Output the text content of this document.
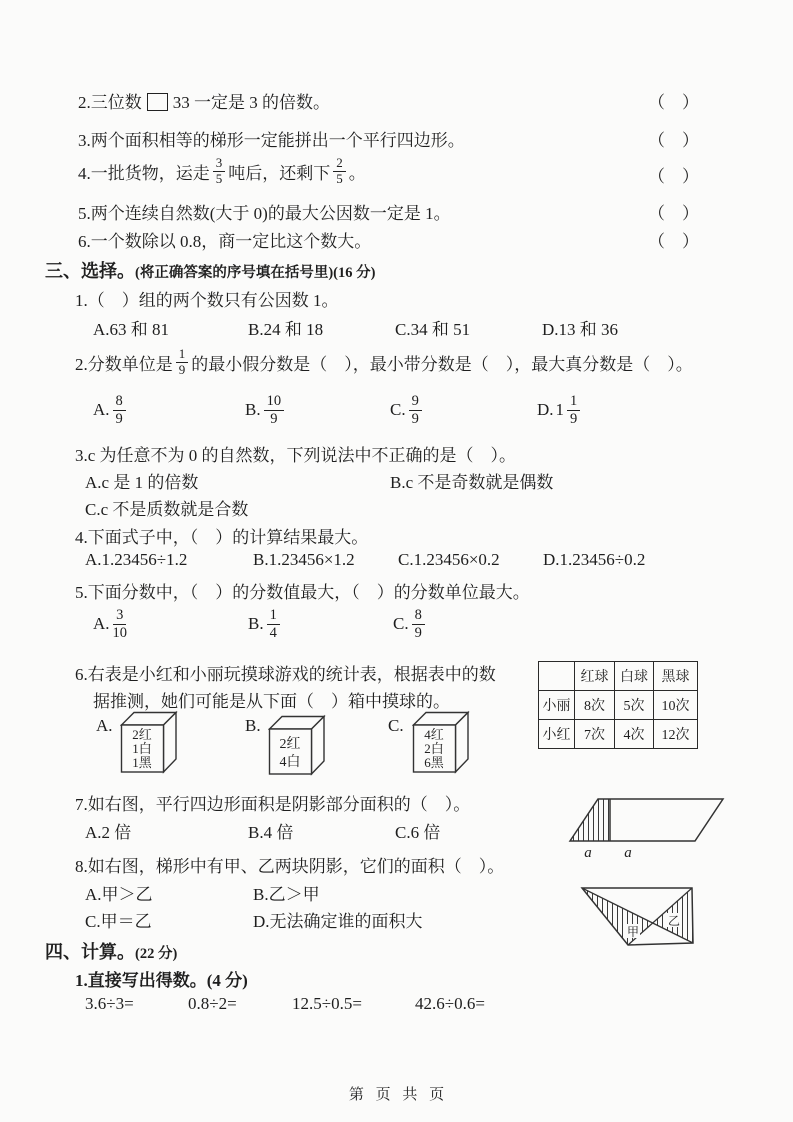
2.三位数 33 一定是 3 的倍数。	（　）
3.两个面积相等的梯形一定能拼出一个平行四边形。	（　）
4.一批货物，运走
3
5 吨后，还剩下
2
5 。	（　）
5.两个连续自然数(大于 0)的最大公因数一定是 1。	（　）
6.一个数除以 0.8，商一定比这个数大。	（　）
三、选择。(将正确答案的序号填在括号里)(16 分)
1.（　）组的两个数只有公因数 1。
A.63 和 81	B.24 和 18	C.34 和 51	D.13 和 36
2.分数单位是
1
9 的最小假分数是（　），最小带分数是（　），最大真分数是（　）。
A. 8
9	B. 10
9	C. 9
9	D. 1 1
9
3.c 为任意不为 0 的自然数，下列说法中不正确的是（　）。
A.c 是 1 的倍数	B.c 不是奇数就是偶数
C.c 不是质数就是合数
4.下面式子中，（　）的计算结果最大。
A.1.23456÷1.2	B.1.23456×1.2	C.1.23456×0.2	D.1.23456÷0.2
5.下面分数中，（　）的分数值最大，（　）的分数单位最大。
A. 3
10	B. 1
4	C. 8
9
6.右表是小红和小丽玩摸球游戏的统计表，根据表中的数
据推测，她们可能是从下面（　）箱中摸球的。
	红球	白球	黑球
小丽	8次	5次	10次
小红	7次	4次	12次
A. 2红
1白
1黑
B.
2红
4白
C. 4红
2白
6黑
7.如右图，平行四边形面积是阴影部分面积的（　）。
A.2 倍	B.4 倍	C.6 倍
a a
8.如右图，梯形中有甲、乙两块阴影，它们的面积（　）。
A.甲＞乙	B.乙＞甲
C.甲＝乙	D.无法确定谁的面积大
甲
乙
四、计算。(22 分)
1.直接写出得数。(4 分)
3.6÷3=	0.8÷2=	12.5÷0.5=	42.6÷0.6=
第 页 共 页
